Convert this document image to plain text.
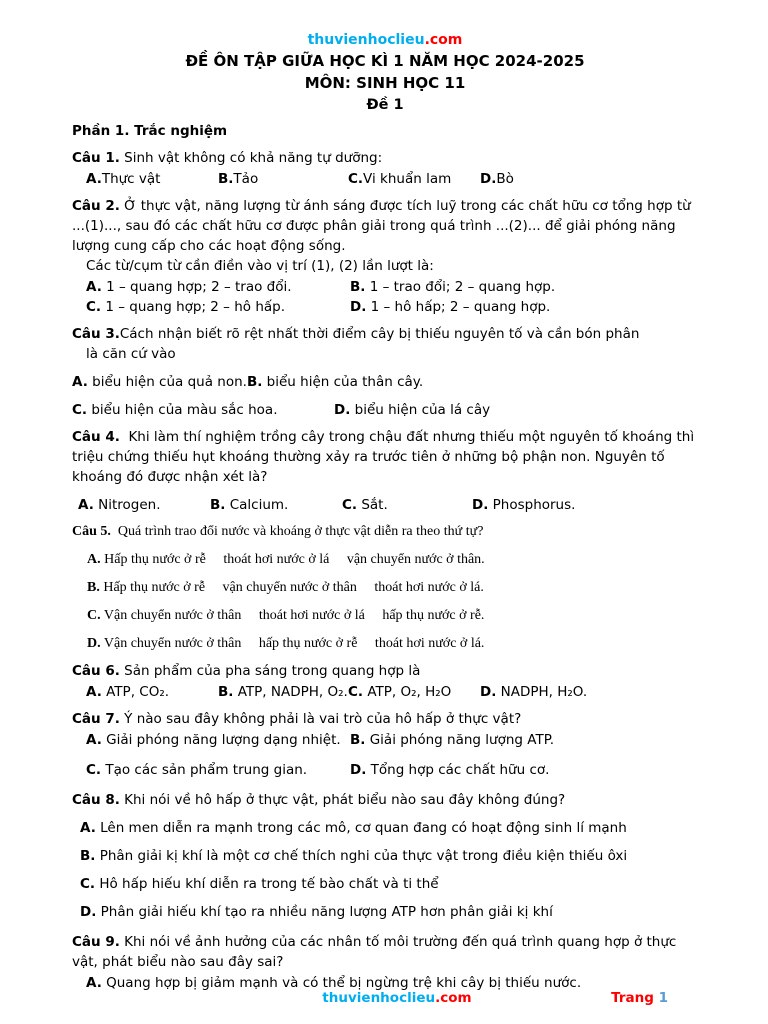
thuvienhoclieu.com
ĐỀ ÔN TẬP GIỮA HỌC KÌ 1 NĂM HỌC 2024-2025
MÔN: SINH HỌC 11
Đề 1
Phần 1. Trắc nghiệm
Câu 1. Sinh vật không có khả năng tự dưỡng:
A.Thực vật	B.Tảo	C.Vi khuẩn lam D.Bò
Câu 2. Ở thực vật, năng lượng từ ánh sáng được tích luỹ trong các chất hữu cơ tổng hợp từ ...(1)..., sau đó các chất hữu cơ được phân giải trong quá trình ...(2)... để giải phóng năng lượng cung cấp cho các hoạt động sống.
Các từ/cụm từ cần điền vào vị trí (1), (2) lần lượt là:
A. 1 – quang hợp; 2 – trao đổi.	B. 1 – trao đổi; 2 – quang hợp.
C. 1 – quang hợp; 2 – hô hấp.	D. 1 – hô hấp; 2 – quang hợp.
Câu 3.Cách nhận biết rõ rệt nhất thời điểm cây bị thiếu nguyên tố và cần bón phân
là căn cứ vào
A. biểu hiện của quả non.B. biểu hiện của thân cây.
C. biểu hiện của màu sắc hoa.	D. biểu hiện của lá cây
Câu 4.  Khi làm thí nghiệm trồng cây trong chậu đất nhưng thiếu một nguyên tố khoáng thì triệu chứng thiếu hụt khoáng thường xảy ra trước tiên ở những bộ phận non. Nguyên tố khoáng đó được nhận xét là?
A. Nitrogen.	B. Calcium.	C. Sắt.	D. Phosphorus.
Câu 5.  Quá trình trao đổi nước và khoáng ở thực vật diễn ra theo thứ tự?
A. Hấp thụ nước ở rễ     thoát hơi nước ở lá     vận chuyển nước ở thân.
B. Hấp thụ nước ở rễ     vận chuyển nước ở thân     thoát hơi nước ở lá.
C. Vận chuyển nước ở thân     thoát hơi nước ở lá     hấp thụ nước ở rễ.
D. Vận chuyển nước ở thân     hấp thụ nước ở rễ     thoát hơi nước ở lá.
Câu 6. Sản phẩm của pha sáng trong quang hợp là
A. ATP, CO₂.	B. ATP, NADPH, O₂.C. ATP, O₂, H₂O D. NADPH, H₂O.
Câu 7. Ý nào sau đây không phải là vai trò của hô hấp ở thực vật?
A. Giải phóng năng lượng dạng nhiệt. B. Giải phóng năng lượng ATP.
C. Tạo các sản phẩm trung gian.	D. Tổng hợp các chất hữu cơ.
Câu 8. Khi nói về hô hấp ở thực vật, phát biểu nào sau đây không đúng?
A. Lên men diễn ra mạnh trong các mô, cơ quan đang có hoạt động sinh lí mạnh
B. Phân giải kị khí là một cơ chế thích nghi của thực vật trong điều kiện thiếu ôxi
C. Hô hấp hiếu khí diễn ra trong tế bào chất và ti thể
D. Phân giải hiếu khí tạo ra nhiều năng lượng ATP hơn phân giải kị khí
Câu 9. Khi nói về ảnh hưởng của các nhân tố môi trường đến quá trình quang hợp ở thực vật, phát biểu nào sau đây sai?
A. Quang hợp bị giảm mạnh và có thể bị ngừng trệ khi cây bị thiếu nước.
thuvienhoclieu.com	Trang 1
